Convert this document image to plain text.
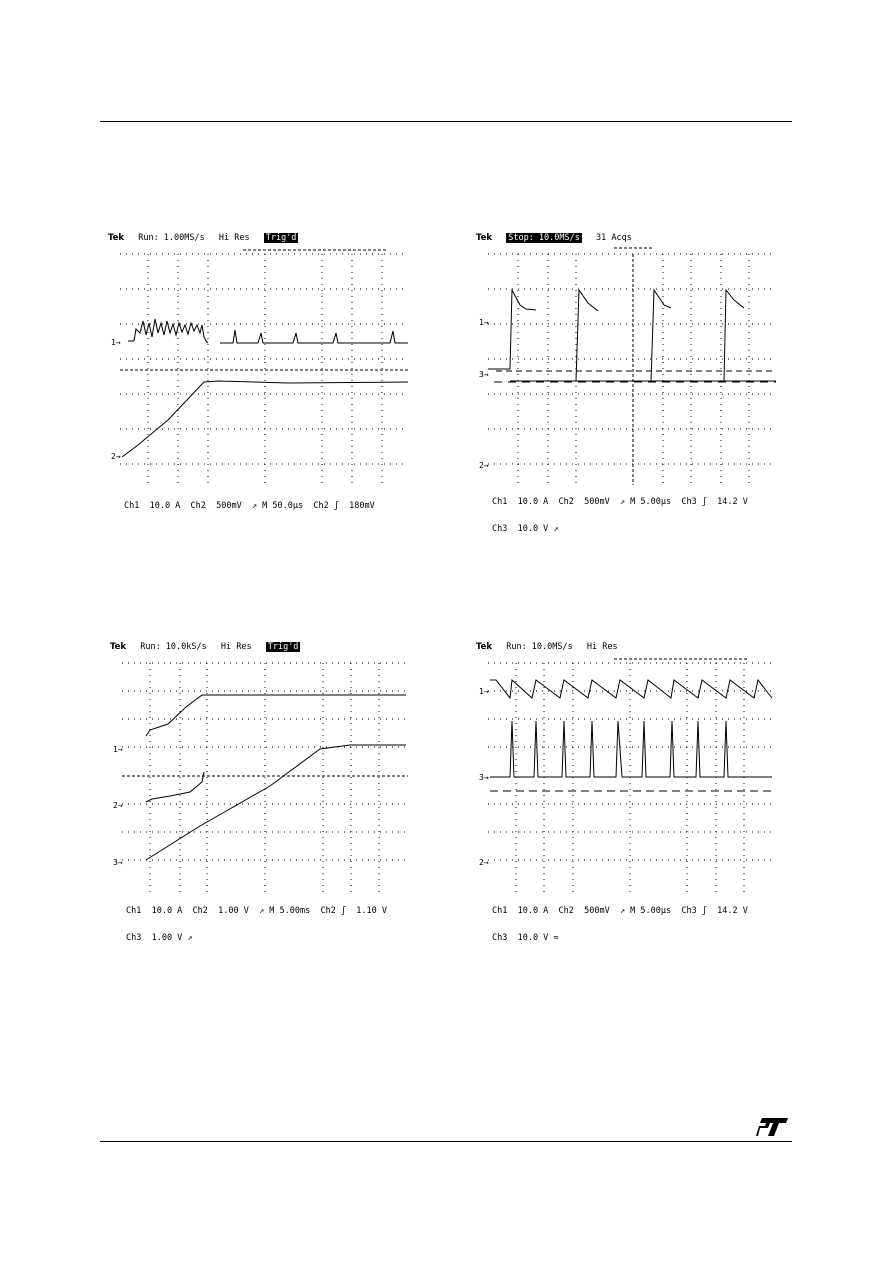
Tek Run: 1.00MS/s Hi Res Trig'd
1→
2→

Ch1  10.0 A  Ch2  500mV  ↗ M 50.0µs  Ch2 ʃ  180mV

Tek Stop: 10.0MS/s 31 Acqs
1→
3→
2→

Ch1  10.0 A  Ch2  500mV  ↗ M 5.00µs  Ch3 ʃ  14.2 V

Ch3  10.0 V ↗

Tek Run: 10.0kS/s Hi Res Trig'd
1→
2→
3→

Ch1  10.0 A  Ch2  1.00 V  ↗ M 5.00ms  Ch2 ʃ  1.10 V

Ch3  1.00 V ↗

Tek Run: 10.0MS/s Hi Res
1→
3→
2→

Ch1  10.0 A  Ch2  500mV  ↗ M 5.00µs  Ch3 ʃ  14.2 V

Ch3  10.0 V ≈
